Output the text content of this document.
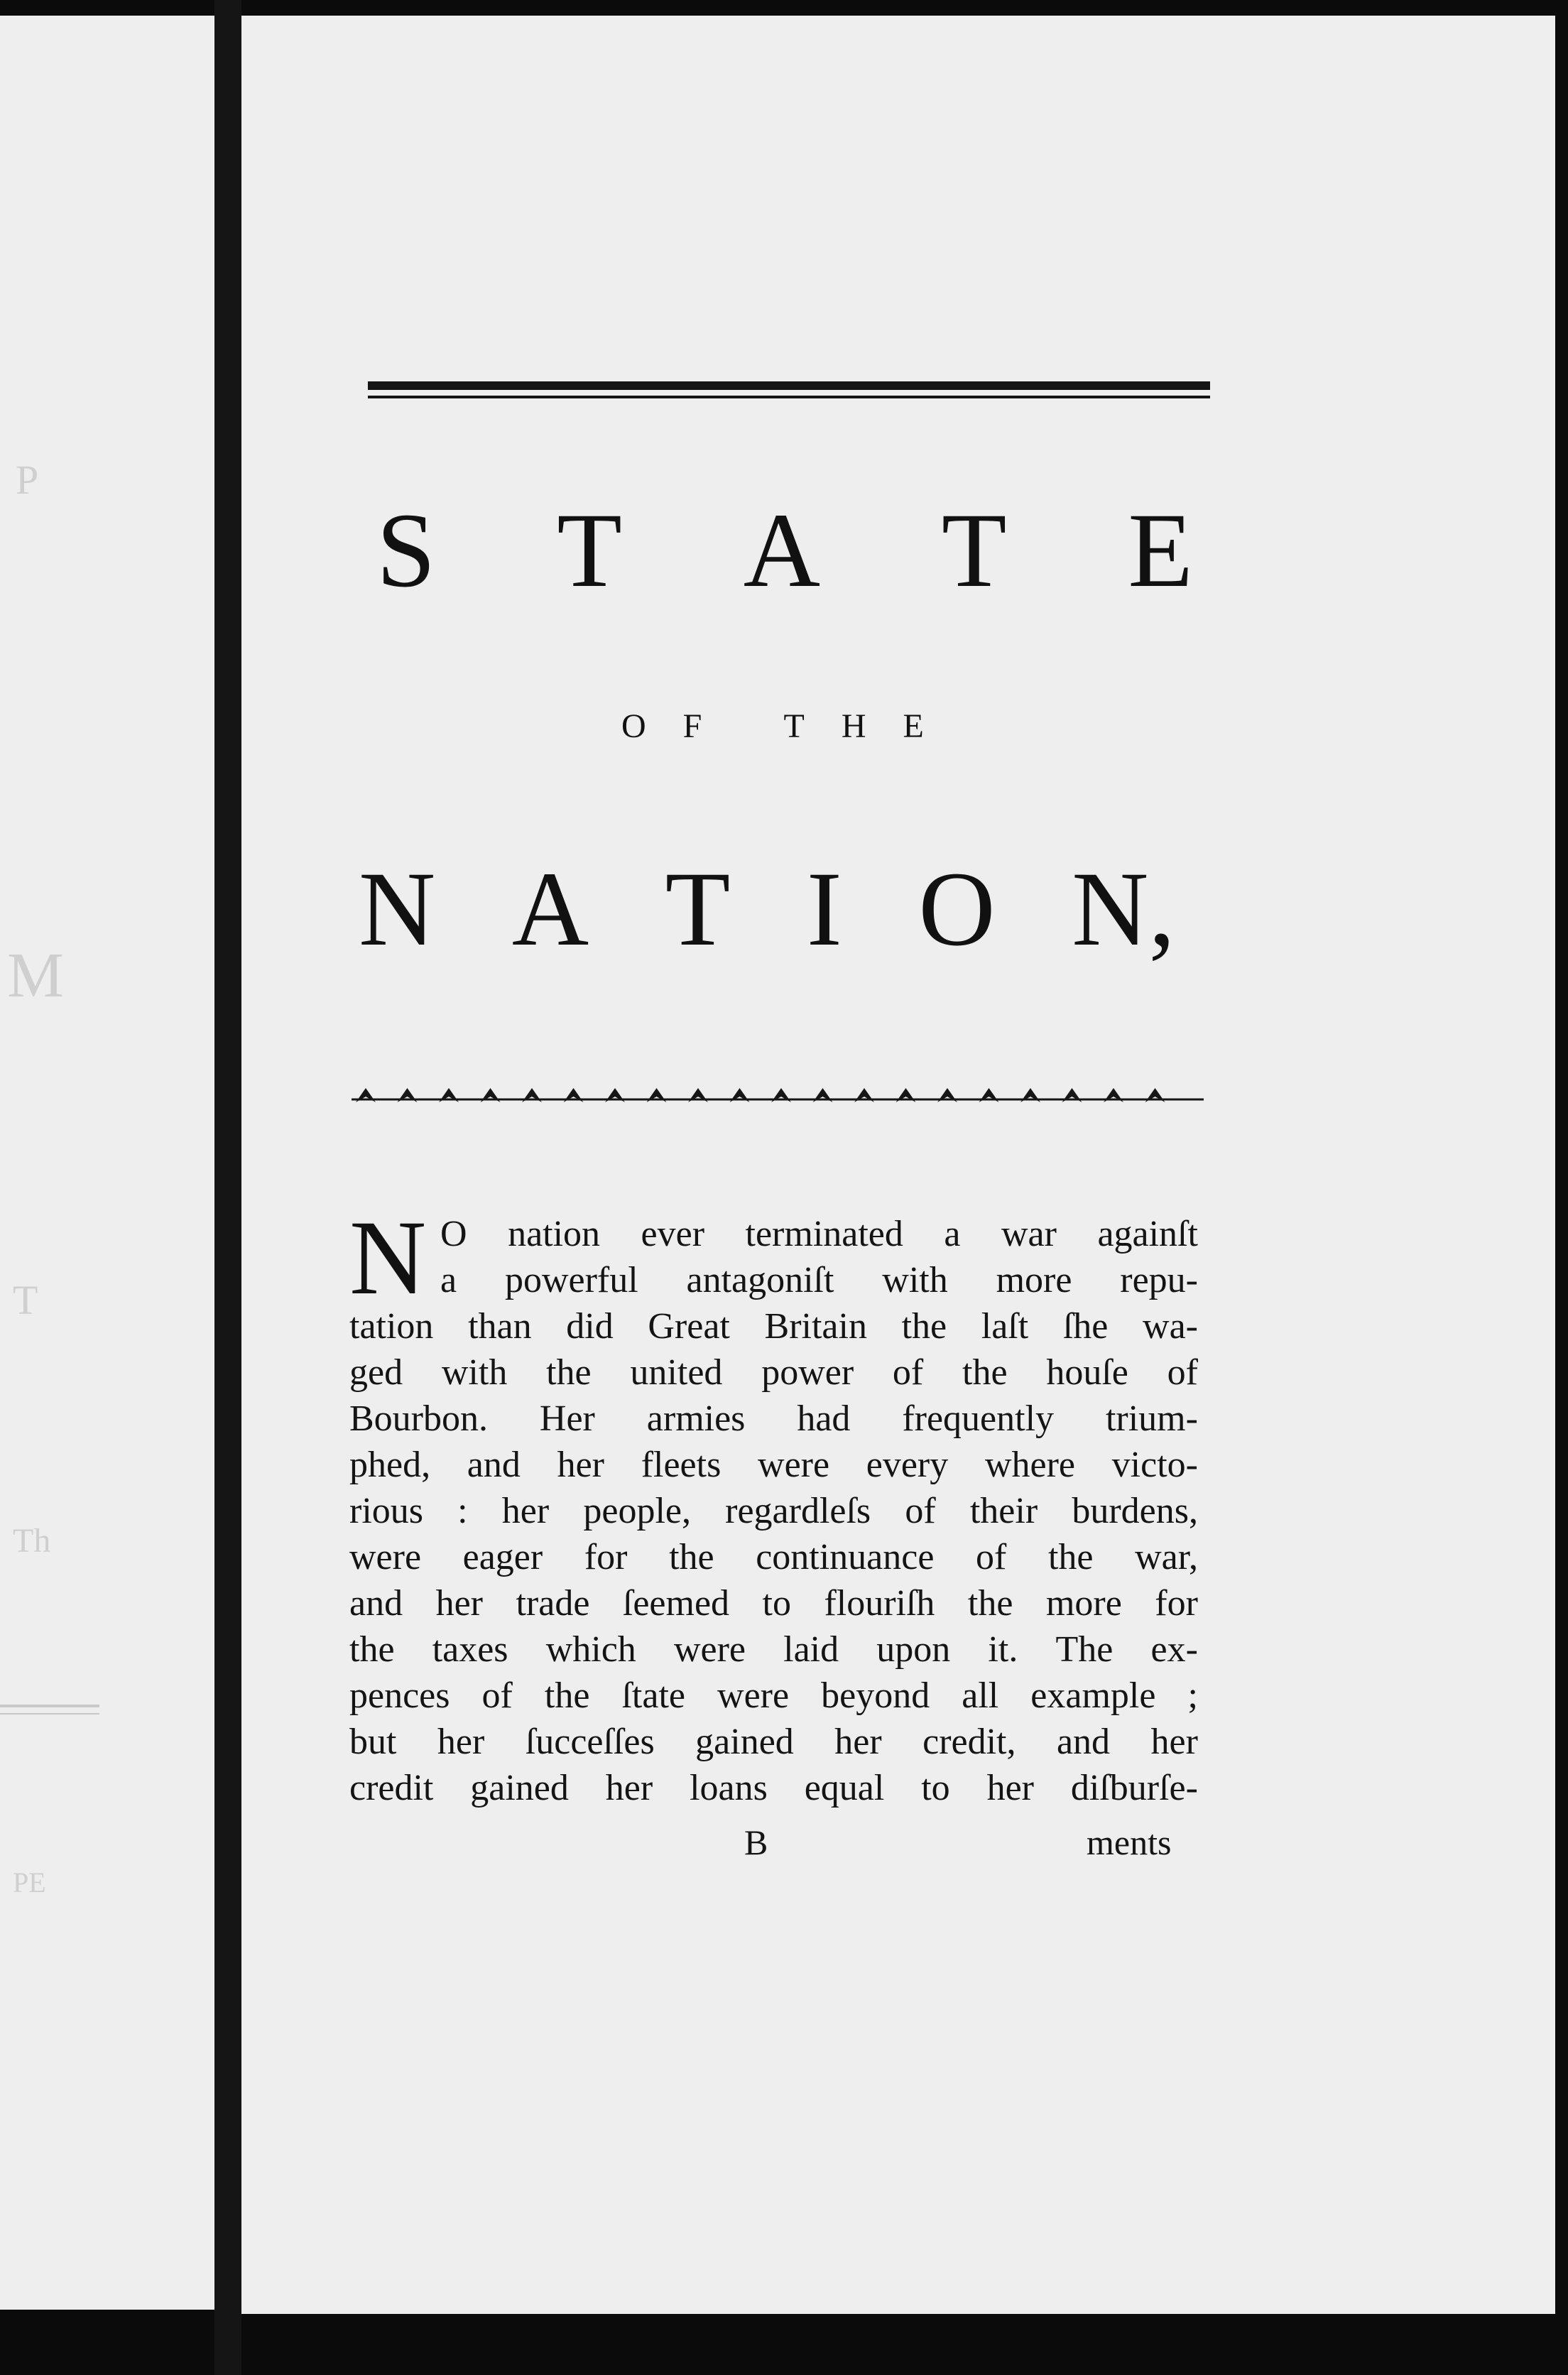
P
M
T
Th
PE
S T A T E
OF THE
N A T I O N,
N O nation ever terminated a war againſt
a powerful antagoniſt with more repu-
tation than did Great Britain the laſt ſhe wa-
ged with the united power of the houſe of
Bourbon. Her armies had frequently trium-
phed, and her fleets were every where victo-
rious : her people, regardleſs of their burdens,
were eager for the continuance of the war,
and her trade ſeemed to flouriſh the more for
the taxes which were laid upon it. The ex-
pences of the ſtate were beyond all example ;
but her ſucceſſes gained her credit, and her
credit gained her loans equal to her diſburſe-
B	ments
